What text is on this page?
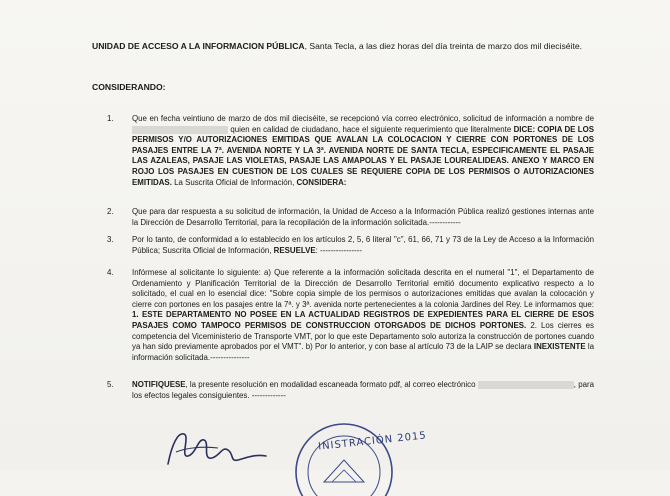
UNIDAD DE ACCESO A LA INFORMACION PÚBLICA, Santa Tecla, a las diez horas del día treinta de marzo dos mil dieciséite.
CONSIDERANDO:
1.	Que en fecha veintiuno de marzo de dos mil dieciséite, se recepcionó vía correo electrónico, solicitud de información a nombre de  quien en calidad de ciudadano, hace el siguiente requerimiento que literalmente DICE: COPIA DE LOS PERMISOS Y/O AUTORIZACIONES EMITIDAS QUE AVALAN LA COLOCACION Y CIERRE CON PORTONES DE LOS PASAJES ENTRE LA 7ª. AVENIDA NORTE Y LA 3ª. AVENIDA NORTE DE SANTA TECLA, ESPECIFICAMENTE EL PASAJE LAS AZALEAS, PASAJE LAS VIOLETAS, PASAJE LAS AMAPOLAS Y EL PASAJE LOUREALIDEAS. ANEXO Y MARCO EN ROJO LOS PASAJES EN CUESTION DE LOS CUALES SE REQUIERE COPIA DE LOS PERMISOS O AUTORIZACIONES EMITIDAS. La Suscrita Oficial de Información, CONSIDERA:
2.	Que para dar respuesta a su solicitud de información, la Unidad de Acceso a la Información Pública realizó gestiones internas ante la Dirección de Desarrollo Territorial, para la recopilación de la información solicitada.------------
3.	Por lo tanto, de conformidad a lo establecido en los artículos 2, 5, 6 literal "c", 61, 66, 71 y 73 de la Ley de Acceso a la Información Pública; Suscrita Oficial de Información, RESUELVE: ----------------
4.	Infórmese al solicitante lo siguiente: a) Que referente a la información solicitada descrita en el numeral "1", el Departamento de Ordenamiento y Planificación Territorial de la Dirección de Desarrollo Territorial emitió documento explicativo respecto a lo solicitado, el cual en lo esencial dice: "Sobre copia simple de los permisos o autorizaciones emitidas que avalan la colocación y cierre con portones en los pasajes entre la 7ª. y 3ª. avenida norte pertenecientes a la colonia Jardines del Rey. Le informamos que: 1. ESTE DEPARTAMENTO NO POSEE EN LA ACTUALIDAD REGISTROS DE EXPEDIENTES PARA EL CIERRE DE ESOS PASAJES COMO TAMPOCO PERMISOS DE CONSTRUCCION OTORGADOS DE DICHOS PORTONES. 2. Los cierres es competencia del Viceministerio de Transporte VMT, por lo que este Departamento solo autoriza la construcción de portones cuando ya han sido previamente aprobados por el VMT". b) Por lo anterior, y con base al artículo 73 de la LAIP se declara INEXISTENTE la información solicitada.---------------
5.	NOTIFIQUESE, la presente resolución en modalidad escaneada formato pdf, al correo electrónico	, para los efectos legales consiguientes. -------------
INISTRACIÓN 2015
